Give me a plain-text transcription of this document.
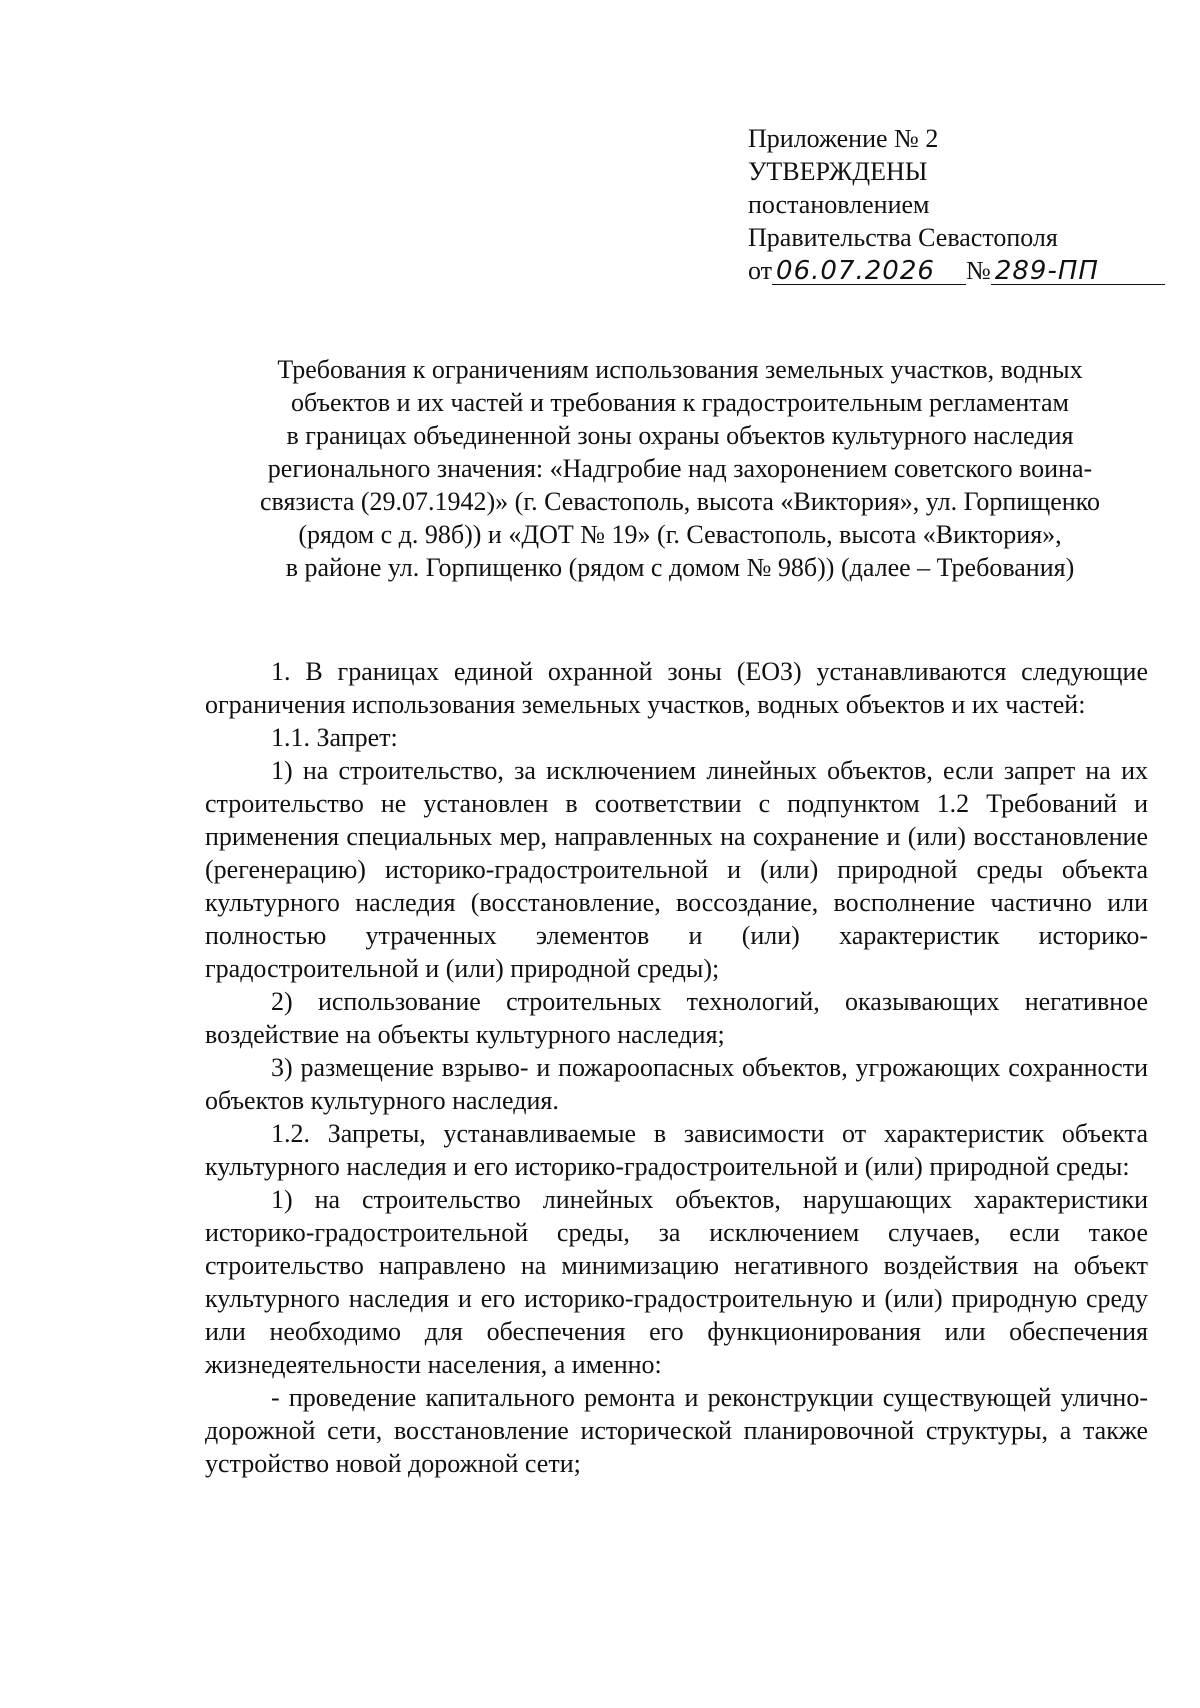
Приложение № 2
УТВЕРЖДЕНЫ
постановлением
Правительства Севастополя
от 06.07.2026 № 289-ПП
Требования к ограничениям использования земельных участков, водных
объектов и их частей и требования к градостроительным регламентам
в границах объединенной зоны охраны объектов культурного наследия
регионального значения: «Надгробие над захоронением советского воина-
связиста (29.07.1942)» (г. Севастополь, высота «Виктория», ул. Горпищенко
(рядом с д. 98б)) и «ДОТ № 19» (г. Севастополь, высота «Виктория»,
в районе ул. Горпищенко (рядом с домом № 98б)) (далее – Требования)

1. В границах единой охранной зоны (ЕОЗ) устанавливаются следующие ограничения использования земельных участков, водных объектов и их частей:

1.1. Запрет:

1) на строительство, за исключением линейных объектов, если запрет на их строительство не установлен в соответствии с подпунктом 1.2 Требований и применения специальных мер, направленных на сохранение и (или) восстановление (регенерацию) историко-градостроительной и (или) природной среды объекта культурного наследия (восстановление, воссоздание, восполнение частично или полностью утраченных элементов и (или) характеристик историко-градостроительной и (или) природной среды);

2) использование строительных технологий, оказывающих негативное воздействие на объекты культурного наследия;

3) размещение взрыво- и пожароопасных объектов, угрожающих сохранности объектов культурного наследия.

1.2. Запреты, устанавливаемые в зависимости от характеристик объекта культурного наследия и его историко-градостроительной и (или) природной среды:

1) на строительство линейных объектов, нарушающих характеристики историко-градостроительной среды, за исключением случаев, если такое строительство направлено на минимизацию негативного воздействия на объект культурного наследия и его историко-градостроительную и (или) природную среду или необходимо для обеспечения его функционирования или обеспечения жизнедеятельности населения, а именно:

- проведение капитального ремонта и реконструкции существующей улично-дорожной сети, восстановление исторической планировочной структуры, а также устройство новой дорожной сети;
